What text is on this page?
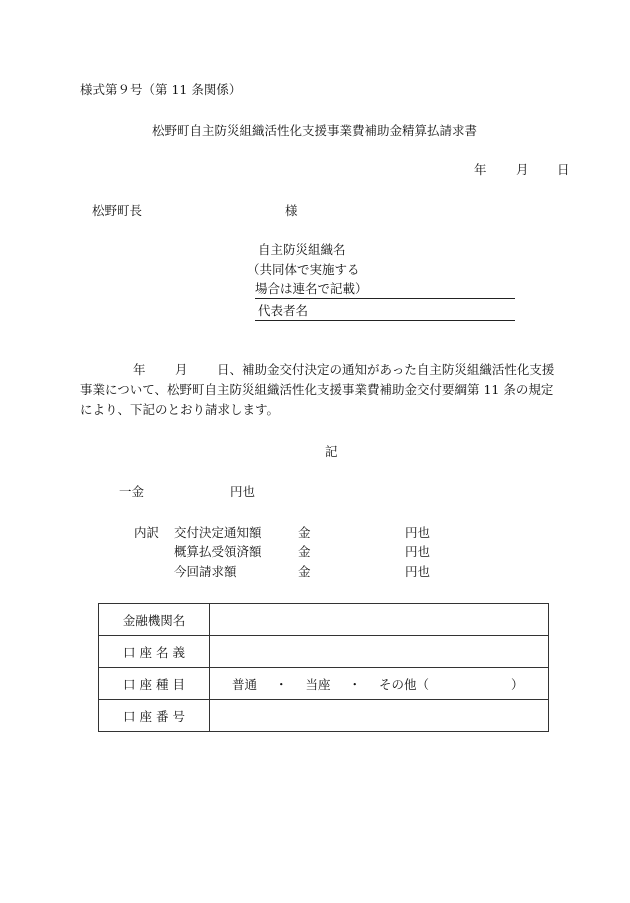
様式第９号（第 11 条関係）
松野町自主防災組織活性化支援事業費補助金精算払請求書
年 月 日
松野町長	様
自主防災組織名
（共同体で実施する
場合は連名で記載）
代表者名
年 月 日、補助金交付決定の通知があった自主防災組織活性化支援
事業について、松野町自主防災組織活性化支援事業費補助金交付要綱第 11 条の規定
により、下記のとおり請求します。
記
一金	円也
内訳 交付決定通知額	金	円也
概算払受領済額	金	円也
今回請求額	金	円也
金融機関名	
口 座 名 義	
口 座 種 目	普通 ・ 当座 ・ その他（ ）
口 座 番 号	
